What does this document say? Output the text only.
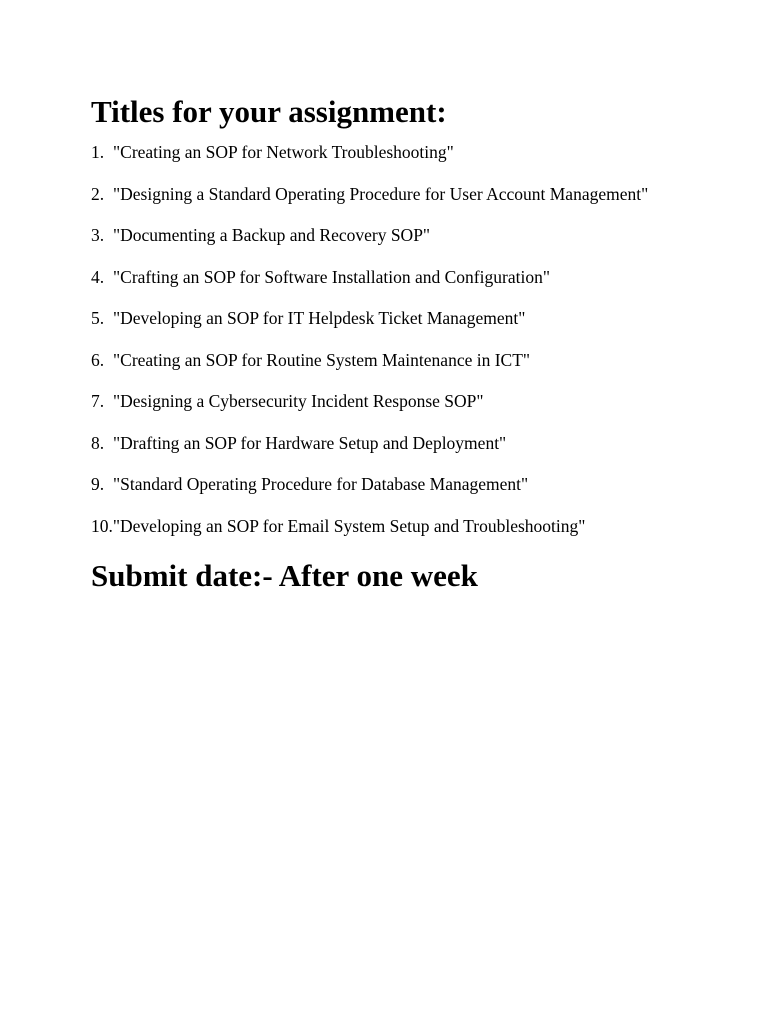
Titles for your assignment:
1. "Creating an SOP for Network Troubleshooting"
2. "Designing a Standard Operating Procedure for User Account Management"
3. "Documenting a Backup and Recovery SOP"
4. "Crafting an SOP for Software Installation and Configuration"
5. "Developing an SOP for IT Helpdesk Ticket Management"
6. "Creating an SOP for Routine System Maintenance in ICT"
7. "Designing a Cybersecurity Incident Response SOP"
8. "Drafting an SOP for Hardware Setup and Deployment"
9. "Standard Operating Procedure for Database Management"
10. "Developing an SOP for Email System Setup and Troubleshooting"
Submit date:- After one week
